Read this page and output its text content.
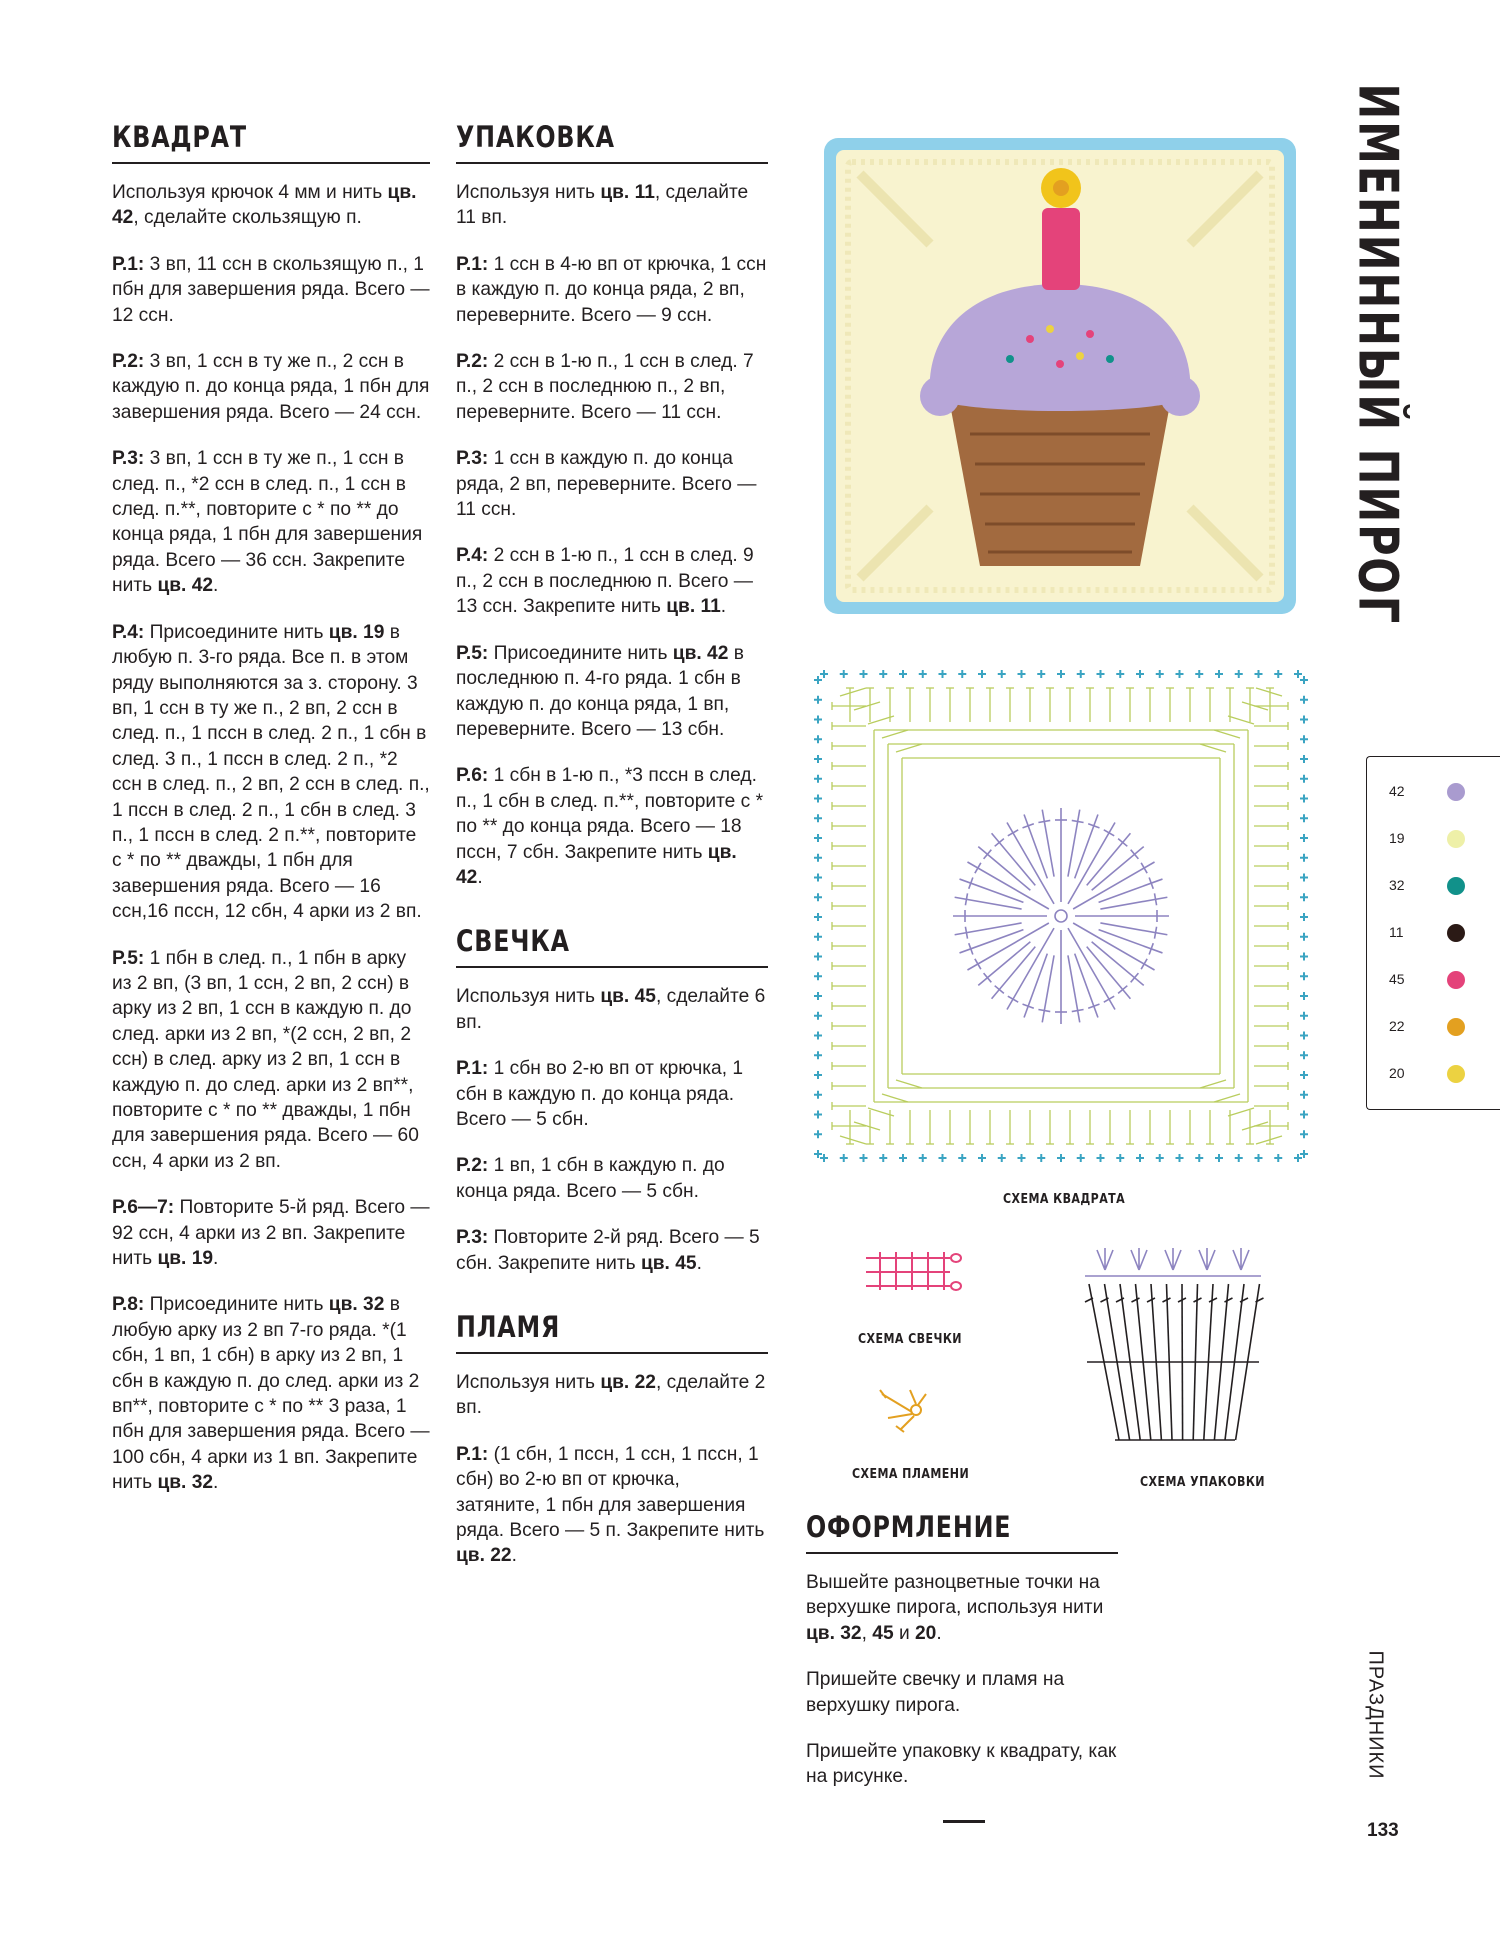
КВАДРАТ

Используя крючок 4 мм и нить цв. 42, сделайте скользящую п.

Р.1: 3 вп, 11 ссн в скользящую п., 1 пбн для завершения ряда. Всего — 12 ссн.

Р.2: 3 вп, 1 ссн в ту же п., 2 ссн в каждую п. до конца ряда, 1 пбн для завершения ряда. Всего — 24 ссн.

Р.3: 3 вп, 1 ссн в ту же п., 1 ссн в след. п., *2 ссн в след. п., 1 ссн в след. п.**, повторите с * по ** до конца ряда, 1 пбн для завершения ряда. Всего — 36 ссн. Закрепите нить цв. 42.

Р.4: Присоедините нить цв. 19 в любую п. 3-го ряда. Все п. в этом ряду выполняются за з. сторону. 3 вп, 1 ссн в ту же п., 2 вп, 2 ссн в след. п., 1 пссн в след. 2 п., 1 сбн в след. 3 п., 1 пссн в след. 2 п., *2 ссн в след. п., 2 вп, 2 ссн в след. п., 1 пссн в след. 2 п., 1 сбн в след. 3 п., 1 пссн в след. 2 п.**, повторите с * по ** дважды, 1 пбн для завершения ряда. Всего — 16 ссн,16 пссн, 12 сбн, 4 арки из 2 вп.

Р.5: 1 пбн в след. п., 1 пбн в арку из 2 вп, (3 вп, 1 ссн, 2 вп, 2 ссн) в арку из 2 вп, 1 ссн в каждую п. до след. арки из 2 вп, *(2 ссн, 2 вп, 2 ссн) в след. арку из 2 вп, 1 ссн в каждую п. до след. арки из 2 вп**, повторите с * по ** дважды, 1 пбн для завершения ряда. Всего — 60 ссн, 4 арки из 2 вп.

Р.6—7: Повторите 5-й ряд. Всего — 92 ссн, 4 арки из 2 вп. Закрепите нить цв. 19.

Р.8: Присоедините нить цв. 32 в любую арку из 2 вп 7-го ряда. *(1 сбн, 1 вп, 1 сбн) в арку из 2 вп, 1 сбн в каждую п. до след. арки из 2 вп**, повторите с * по ** 3 раза, 1 пбн для завершения ряда. Всего — 100 сбн, 4 арки из 1 вп. Закрепите нить цв. 32.

УПАКОВКА

Используя нить цв. 11, сделайте 11 вп.

Р.1: 1 ссн в 4-ю вп от крючка, 1 ссн в каждую п. до конца ряда, 2 вп, переверните. Всего — 9 ссн.

Р.2: 2 ссн в 1-ю п., 1 ссн в след. 7 п., 2 ссн в последнюю п., 2 вп, переверните. Всего — 11 ссн.

Р.3: 1 ссн в каждую п. до конца ряда, 2 вп, переверните. Всего — 11 ссн.

Р.4: 2 ссн в 1-ю п., 1 ссн в след. 9 п., 2 ссн в последнюю п. Всего — 13 ссн. Закрепите нить цв. 11.

Р.5: Присоедините нить цв. 42 в последнюю п. 4-го ряда. 1 сбн в каждую п. до конца ряда, 1 вп, переверните. Всего — 13 сбн.

Р.6: 1 сбн в 1-ю п., *3 пссн в след. п., 1 сбн в след. п.**, повторите с * по ** до конца ряда. Всего — 18 пссн, 7 сбн. Закрепите нить цв. 42.

СВЕЧКА

Используя нить цв. 45, сделайте 6 вп.

Р.1: 1 сбн во 2-ю вп от крючка, 1 сбн в каждую п. до конца ряда. Всего — 5 сбн.

Р.2: 1 вп, 1 сбн в каждую п. до конца ряда. Всего — 5 сбн.

Р.3: Повторите 2-й ряд. Всего — 5 сбн. Закрепите нить цв. 45.

ПЛАМЯ

Используя нить цв. 22, сделайте 2 вп.

Р.1: (1 сбн, 1 пссн, 1 ссн, 1 пссн, 1 сбн) во 2-ю вп от крючка, затяните, 1 пбн для завершения ряда. Всего — 5 п. Закрепите нить цв. 22.

ИМЕНИННЫЙ ПИРОГ
СХЕМА КВАДРАТА
СХЕМА СВЕЧКИ
СХЕМА ПЛАМЕНИ
СХЕМА УПАКОВКИ
ОФОРМЛЕНИЕ

Вышейте разноцветные точки на верхушке пирога, используя нити цв. 32, 45 и 20.

Пришейте свечку и пламя на верхушку пирога.

Пришейте упаковку к квадрату, как на рисунке.

42
19
32
11
45
22
20
ПРАЗДНИКИ
133
